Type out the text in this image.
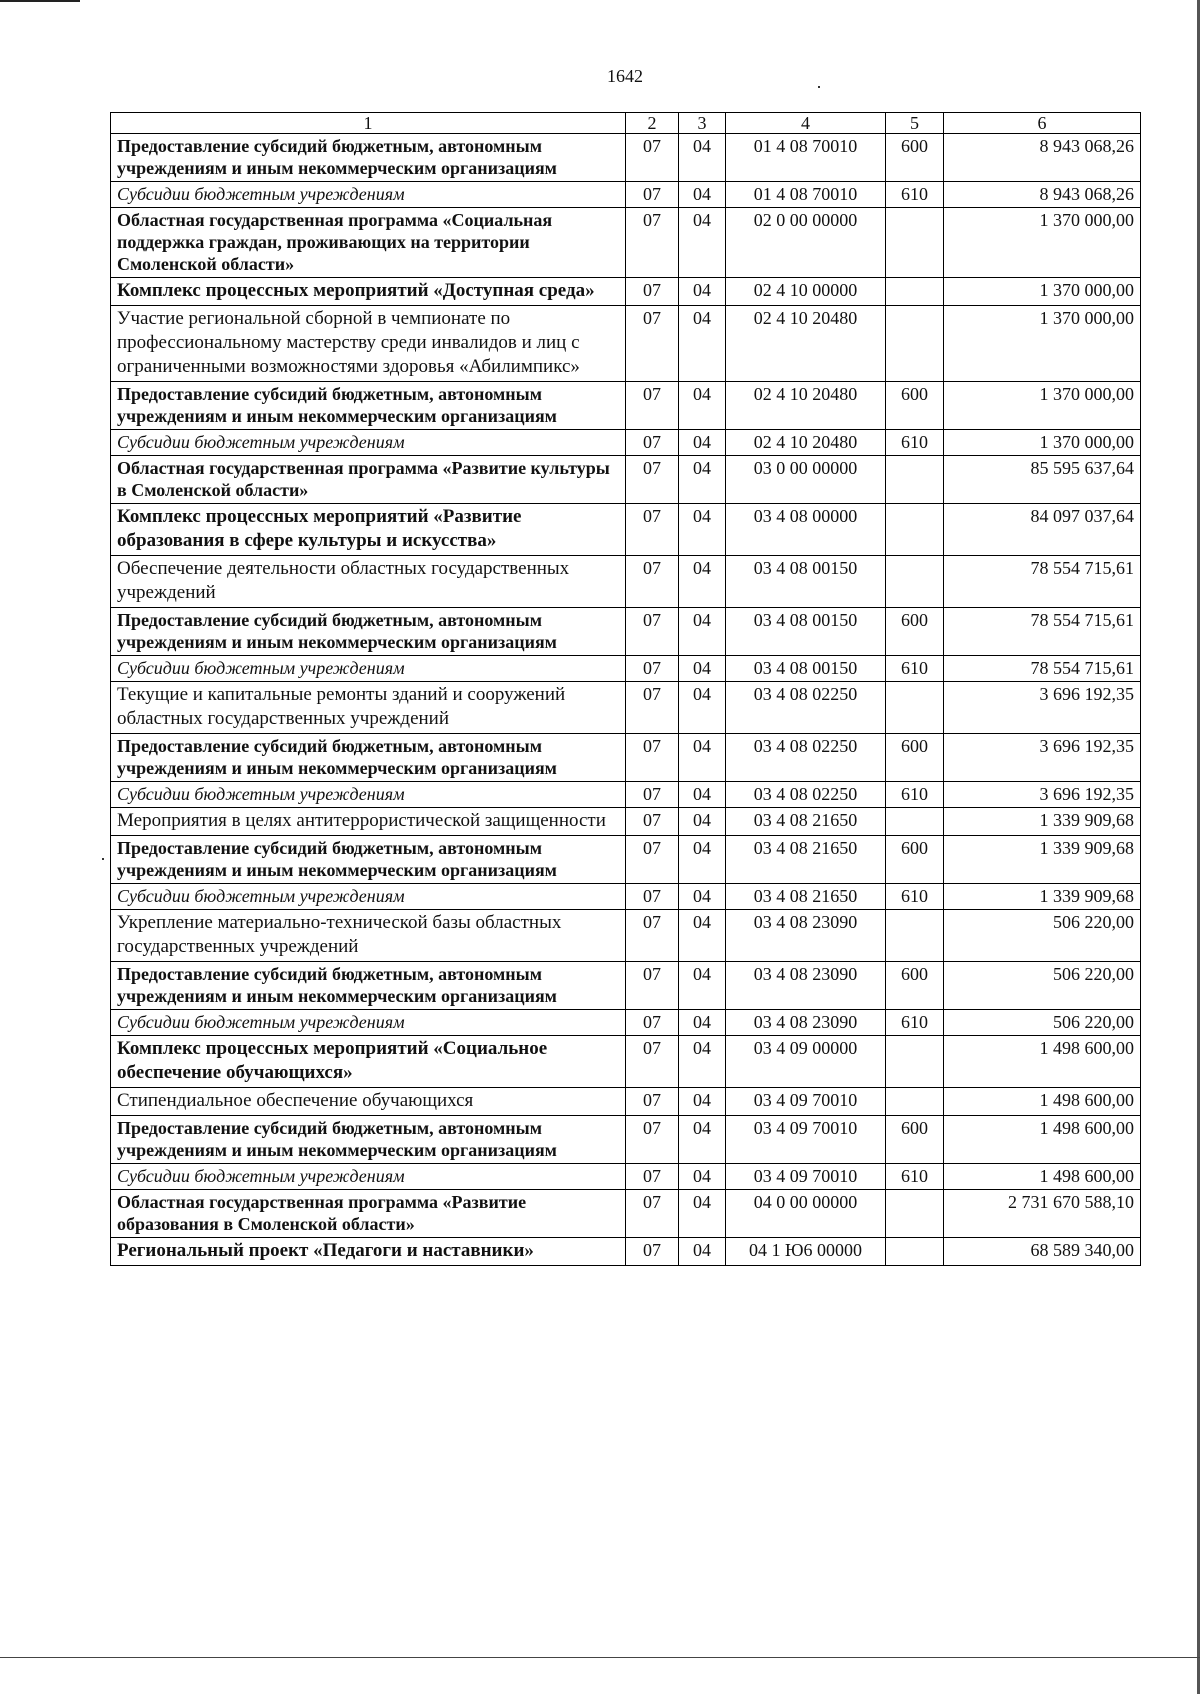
1642
1	2	3	4	5	6
Предоставление субсидий бюджетным, автономным учреждениям и иным некоммерческим организациям	07	04	01 4 08 70010	600	8 943 068,26
Субсидии бюджетным учреждениям	07	04	01 4 08 70010	610	8 943 068,26
Областная государственная программа «Социальная поддержка граждан, проживающих на территории Смоленской области»	07	04	02 0 00 00000		1 370 000,00
Комплекс процессных мероприятий «Доступная среда»	07	04	02 4 10 00000		1 370 000,00
Участие региональной сборной в чемпионате по профессиональному мастерству среди инвалидов и лиц с ограниченными возможностями здоровья «Абилимпикс»	07	04	02 4 10 20480		1 370 000,00
Предоставление субсидий бюджетным, автономным учреждениям и иным некоммерческим организациям	07	04	02 4 10 20480	600	1 370 000,00
Субсидии бюджетным учреждениям	07	04	02 4 10 20480	610	1 370 000,00
Областная государственная программа «Развитие культуры в Смоленской области»	07	04	03 0 00 00000		85 595 637,64
Комплекс процессных мероприятий «Развитие образования в сфере культуры и искусства»	07	04	03 4 08 00000		84 097 037,64
Обеспечение деятельности областных государственных учреждений	07	04	03 4 08 00150		78 554 715,61
Предоставление субсидий бюджетным, автономным учреждениям и иным некоммерческим организациям	07	04	03 4 08 00150	600	78 554 715,61
Субсидии бюджетным учреждениям	07	04	03 4 08 00150	610	78 554 715,61
Текущие и капитальные ремонты зданий и сооружений областных государственных учреждений	07	04	03 4 08 02250		3 696 192,35
Предоставление субсидий бюджетным, автономным учреждениям и иным некоммерческим организациям	07	04	03 4 08 02250	600	3 696 192,35
Субсидии бюджетным учреждениям	07	04	03 4 08 02250	610	3 696 192,35
Мероприятия в целях антитеррористической защищенности	07	04	03 4 08 21650		1 339 909,68
Предоставление субсидий бюджетным, автономным учреждениям и иным некоммерческим организациям	07	04	03 4 08 21650	600	1 339 909,68
Субсидии бюджетным учреждениям	07	04	03 4 08 21650	610	1 339 909,68
Укрепление материально-технической базы областных государственных учреждений	07	04	03 4 08 23090		506 220,00
Предоставление субсидий бюджетным, автономным учреждениям и иным некоммерческим организациям	07	04	03 4 08 23090	600	506 220,00
Субсидии бюджетным учреждениям	07	04	03 4 08 23090	610	506 220,00
Комплекс процессных мероприятий «Социальное обеспечение обучающихся»	07	04	03 4 09 00000		1 498 600,00
Стипендиальное обеспечение обучающихся	07	04	03 4 09 70010		1 498 600,00
Предоставление субсидий бюджетным, автономным учреждениям и иным некоммерческим организациям	07	04	03 4 09 70010	600	1 498 600,00
Субсидии бюджетным учреждениям	07	04	03 4 09 70010	610	1 498 600,00
Областная государственная программа «Развитие образования в Смоленской области»	07	04	04 0 00 00000		2 731 670 588,10
Региональный проект «Педагоги и наставники»	07	04	04 1 Ю6 00000		68 589 340,00
